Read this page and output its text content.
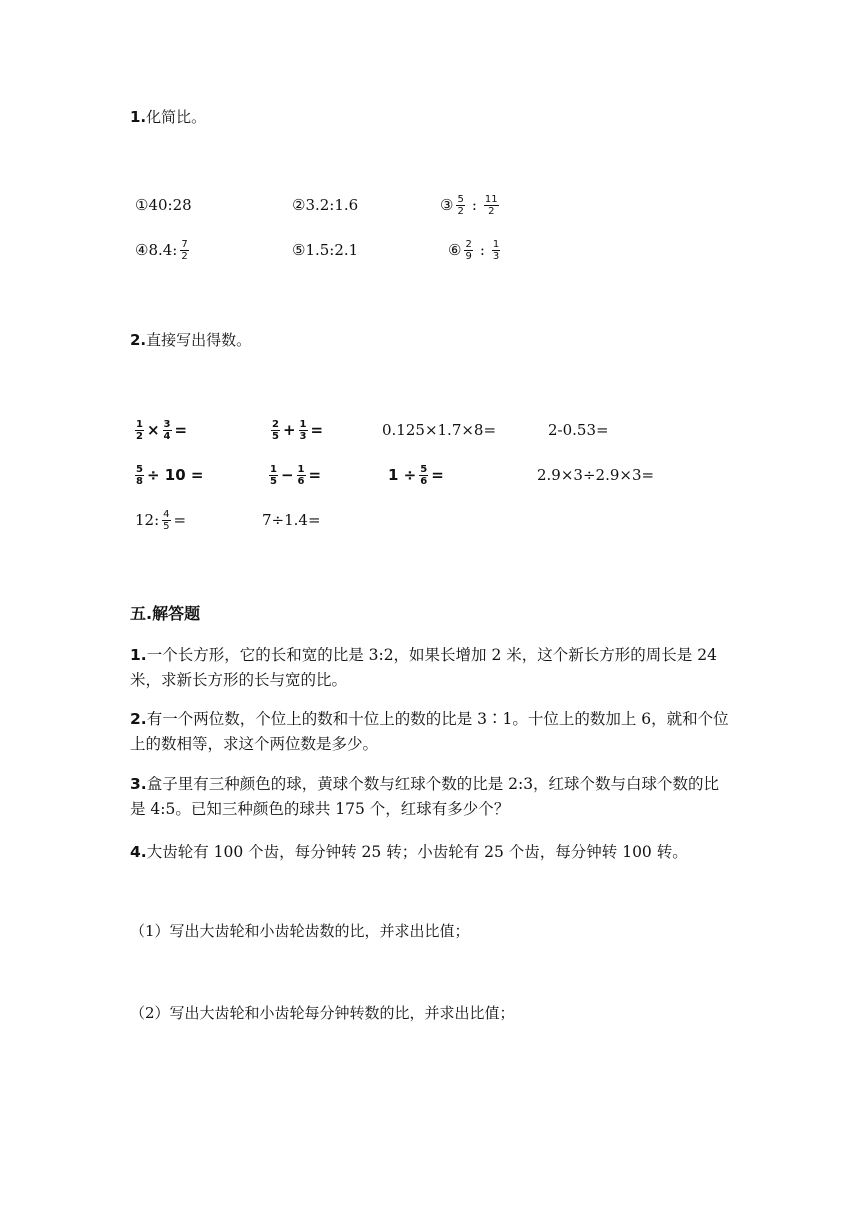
1.化简比。
① 40:28	② 3.2:1.6	③ $\frac{5}{2}$ : $\frac{11}{2}$
④ 8.4: $\frac{7}{2}$	⑤ 1.5:2.1	⑥ $\frac{2}{9}$ : $\frac{1}{3}$
2.直接写出得数。
$\frac{1}{2} \times \frac{3}{4}$ =	$\frac{2}{5} + \frac{1}{3}$ =	0.125×1.7×8=	2-0.53=
$\frac{5}{8} \div 10$ =	$\frac{1}{5} - \frac{1}{6}$ =	$1 \div \frac{5}{6}$ =	2.9×3÷2.9×3=
12: $\frac{4}{5}$ =	7÷1.4=
五.解答题
1.一个长方形，它的长和宽的比是 3:2，如果长增加 2 米，这个新长方形的周长是 24 米，求新长方形的长与宽的比。
2.有一个两位数，个位上的数和十位上的数的比是 3∶1。十位上的数加上 6，就和个位上的数相等，求这个两位数是多少。
3.盒子里有三种颜色的球，黄球个数与红球个数的比是 2:3，红球个数与白球个数的比是 4:5。已知三种颜色的球共 175 个，红球有多少个？
4.大齿轮有 100 个齿，每分钟转 25 转；小齿轮有 25 个齿，每分钟转 100 转。
（1）写出大齿轮和小齿轮齿数的比，并求出比值；
（2）写出大齿轮和小齿轮每分钟转数的比，并求出比值；
